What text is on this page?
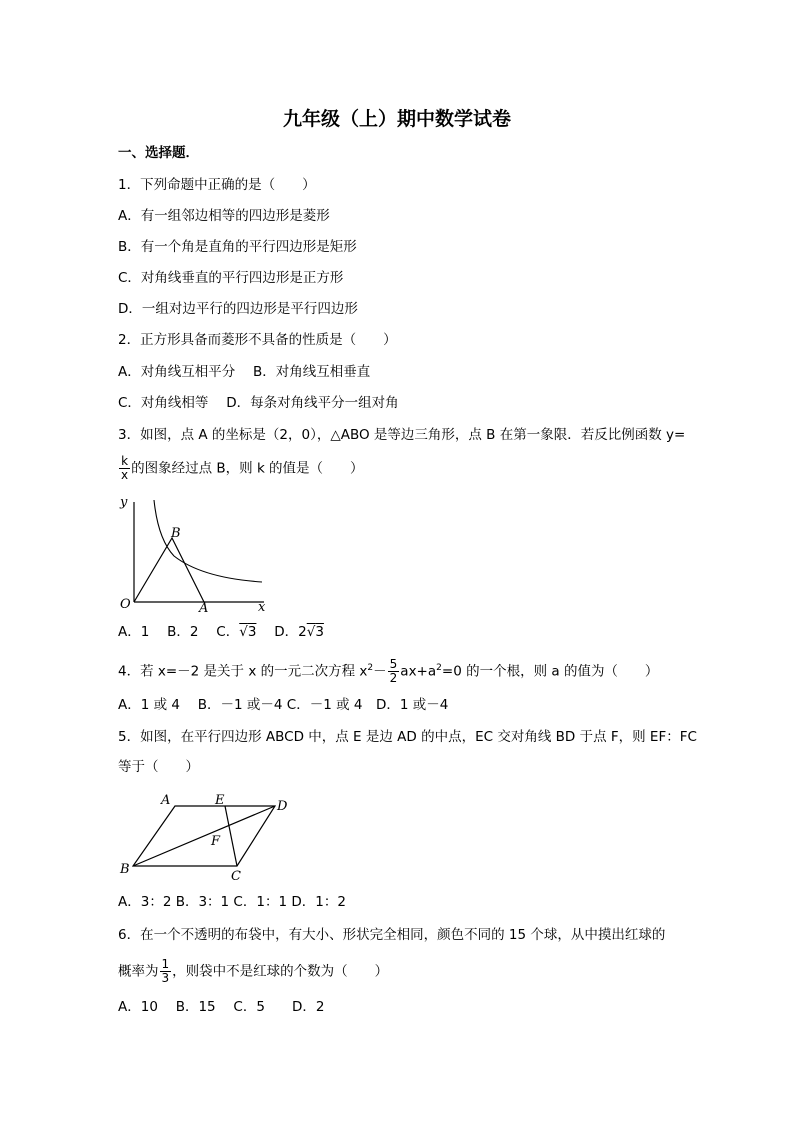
九年级（上）期中数学试卷
一、选择题．
1．下列命题中正确的是（　　）
A．有一组邻边相等的四边形是菱形
B．有一个角是直角的平行四边形是矩形
C．对角线垂直的平行四边形是正方形
D．一组对边平行的四边形是平行四边形
2．正方形具备而菱形不具备的性质是（　　）
A．对角线互相平分　 B．对角线互相垂直
C．对角线相等　 D．每条对角线平分一组对角
3．如图，点 A 的坐标是（2，0），△ABO 是等边三角形，点 B 在第一象限．若反比例函数 y=
$\frac{k}{x}$ 的图象经过点 B，则 k 的值是（　　）
y
x
O	A
B
A．1　 B．2　 C．√3　 D．2√3
4．若 x=－2 是关于 x 的一元二次方程 $x^2- \frac{5}{2} ax+a^2=0$ 的一个根，则 a 的值为（　　）
A．1 或 4　 B．－1 或－4 C．－1 或 4　D．1 或－4
5．如图，在平行四边形 ABCD 中，点 E 是边 AD 的中点，EC 交对角线 BD 于点 F，则 EF：FC
等于（　　）
A	E	D
F
B	C
A．3：2 B．3：1 C．1：1 D．1：2
6．在一个不透明的布袋中，有大小、形状完全相同，颜色不同的 15 个球，从中摸出红球的
概率为 $\frac{1}{3}$ ，则袋中不是红球的个数为（　　）
A．10　 B．15　 C．5　　D．2
